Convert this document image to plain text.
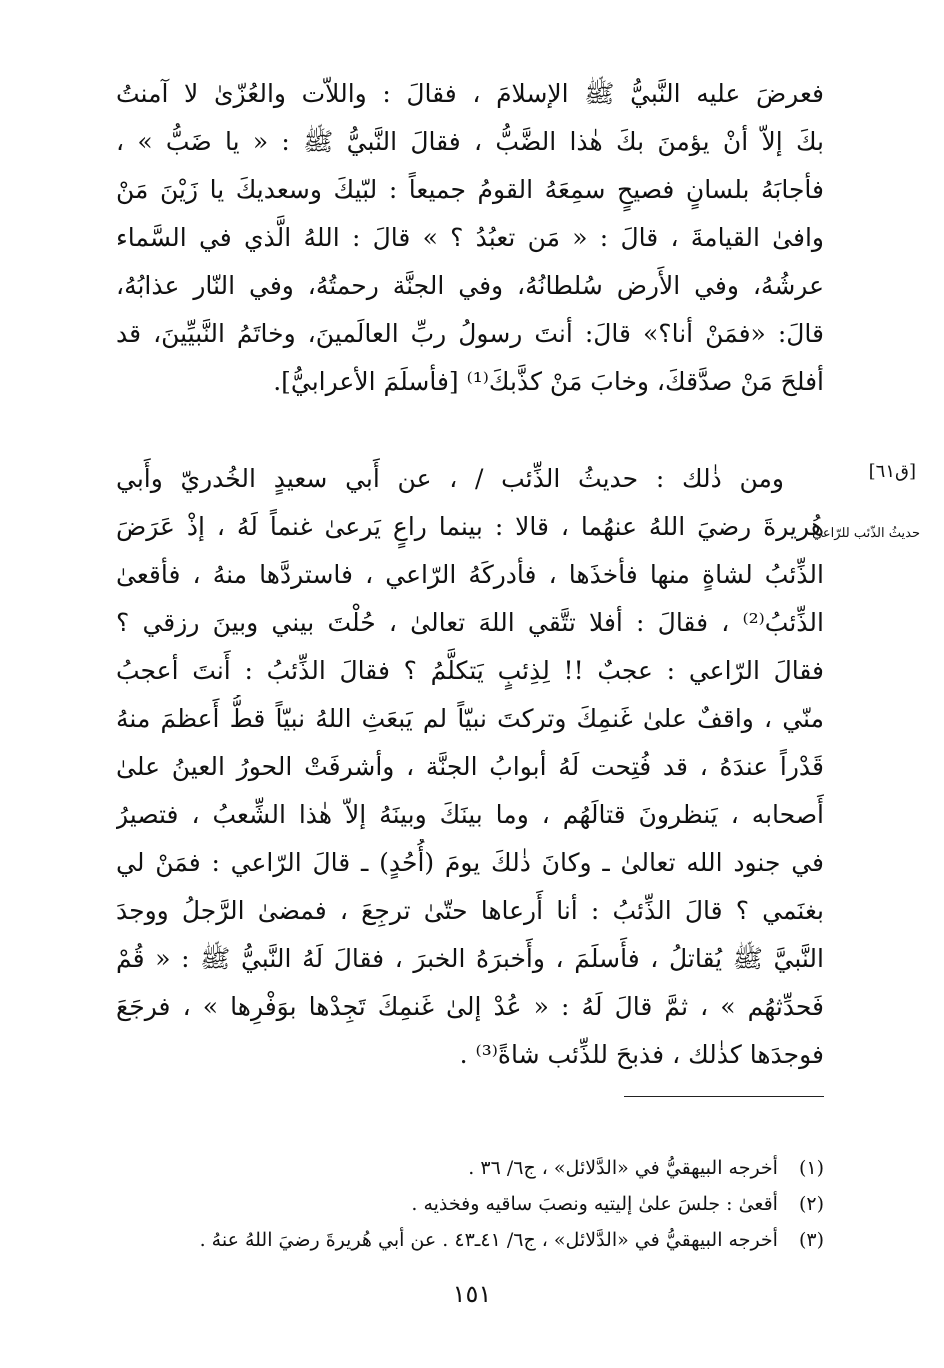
فعرضَ عليه النَّبيُّ ﷺ الإسلامَ ، فقالَ : واللاّت والعُزّىٰ لا آمنتُ
بكَ إلاّ أنْ يؤمنَ بكَ هٰذا الضَّبُّ ، فقالَ النَّبيُّ ﷺ : « يا ضَبُّ » ،
فأجابَهُ بلسانٍ فصيحٍ سمِعَهُ القومُ جميعاً : لبّيكَ وسعديكَ يا زَيْنَ مَنْ
وافىٰ القيامةَ ، قالَ : « مَن تعبُدُ ؟ » قالَ : اللهُ الَّذي في السَّماء
عرشُهُ، وفي الأَرض سُلطانُهُ، وفي الجنَّة رحمتُهُ، وفي النّار عذابُهُ،
قالَ: «فمَنْ أنا؟» قالَ: أنتَ رسولُ ربِّ العالَمينَ، وخاتَمُ النَّبيِّينَ، قد
أفلحَ مَنْ صدَّقكَ، وخابَ مَنْ كذَّبكَ⁽¹⁾ [فأسلَمَ الأعرابيُّ].
[ق٦١]
حديثُ الذّئب للرّاعي
ومن ذٰلك : حديثُ الذِّئب / ، عن أَبي سعيدٍ الخُدريّ وأَبي
هُريرةَ رضيَ اللهُ عنهُما ، قالا : بينما راعٍ يَرعىٰ غنماً لَهُ ، إذْ عَرَضَ
الذِّئبُ لشاةٍ منها فأخذَها ، فأدركَهُ الرّاعي ، فاستردَّها منهُ ، فأقعىٰ
الذِّئبُ⁽²⁾ ، فقالَ : أفلا تتَّقي اللهَ تعالىٰ ، حُلْتَ بيني وبينَ رزقي ؟
فقالَ الرّاعي : عجبٌ !! لِذِئبٍ يَتكلَّمُ ؟ فقالَ الذِّئبُ : أَنتَ أعجبُ
منّي ، واقفٌ علىٰ غَنمِكَ وتركتَ نبيّاً لم يَبعَثِ اللهُ نبيّاً قطُّ أَعظمَ منهُ
قَدْراً عندَهُ ، قد فُتِحت لَهُ أبوابُ الجنَّة ، وأشرفَتْ الحورُ العينُ علىٰ
أَصحابه ، يَنظرونَ قتالَهُم ، وما بينَكَ وبينَهُ إلاّ هٰذا الشِّعبُ ، فتصيرُ
في جنود الله تعالىٰ ـ وكانَ ذٰلكَ يومَ (أُحُدٍ) ـ قالَ الرّاعي : فمَنْ لي
بغنَمي ؟ قالَ الذِّئبُ : أنا أَرعاها حتّىٰ ترجِعَ ، فمضىٰ الرَّجلُ ووجدَ
النَّبيَّ ﷺ يُقاتلُ ، فأَسلَمَ ، وأَخبرَهُ الخبرَ ، فقالَ لَهُ النَّبيُّ ﷺ : « قُمْ
فَحدِّثهُم » ، ثمَّ قالَ لَهُ : « عُدْ إلىٰ غَنمِكَ تَجِدْها بوَفْرِها » ، فرجَعَ
فوجدَها كذٰلك ، فذبحَ للذِّئب شاةً⁽³⁾ .
(١) أخرجه البيهقيُّ في «الدَّلائل» ، ج٦/ ٣٦ .
(٢) أقعىٰ : جلسَ علىٰ إليتيه ونصبَ ساقيه وفخذيه .
(٣) أخرجه البيهقيُّ في «الدَّلائل» ، ج٦/ ٤١ـ٤٣ . عن أبي هُريرةَ رضيَ اللهُ عنهُ .
١٥١
